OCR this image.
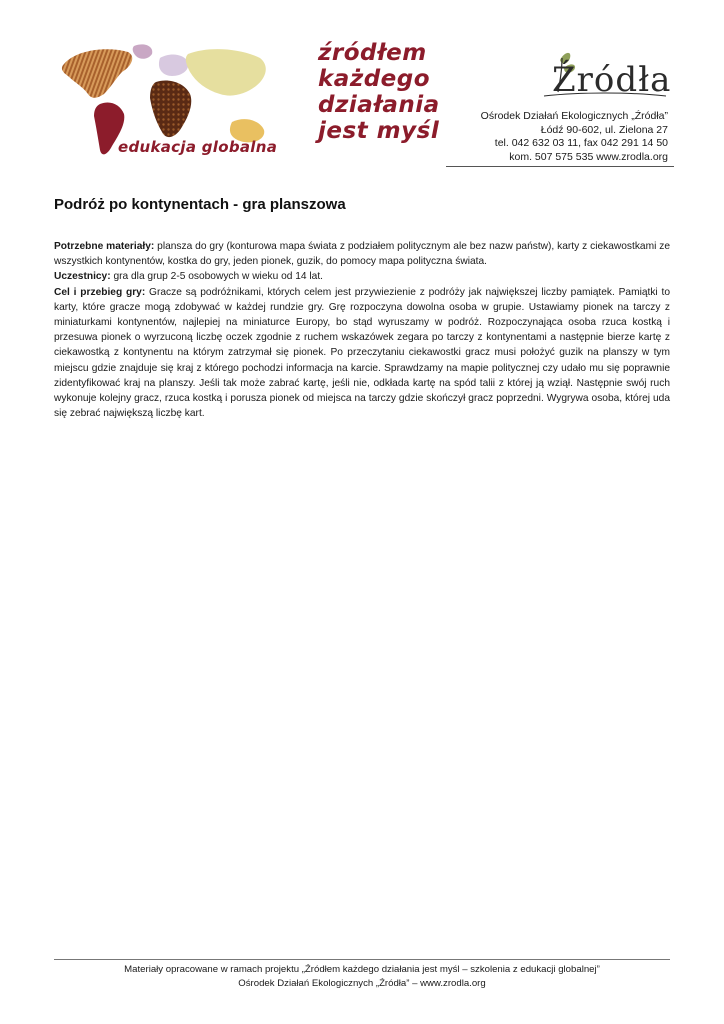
edukacja globalna
źródłem
każdego
działania
jest myśl
Źródła
Ośrodek Działań Ekologicznych „Źródła”
Łódź 90-602, ul. Zielona 27
tel. 042 632 03 11, fax 042 291 14 50
kom. 507 575 535 www.zrodla.org
Podróż po kontynentach - gra planszowa

Potrzebne materiały: plansza do gry (konturowa mapa świata z podziałem politycznym ale bez nazw państw), karty z ciekawostkami ze wszystkich kontynentów, kostka do gry, jeden pionek, guzik, do pomocy mapa polityczna świata.
Uczestnicy: gra dla grup 2-5 osobowych w wieku od 14 lat.
Cel i przebieg gry: Gracze są podróżnikami, których celem jest przywiezienie z podróży jak największej liczby pamiątek. Pamiątki to karty, które gracze mogą zdobywać w każdej rundzie gry. Grę rozpoczyna dowolna osoba w grupie. Ustawiamy pionek na tarczy z miniaturkami kontynentów, najlepiej na miniaturce Europy, bo stąd wyruszamy w podróż. Rozpoczynająca osoba rzuca kostką i przesuwa pionek o wyrzuconą liczbę oczek zgodnie z ruchem wskazówek zegara po tarczy z kontynentami a następnie bierze kartę z ciekawostką z kontynentu na którym zatrzymał się pionek. Po przeczytaniu ciekawostki gracz musi położyć guzik na planszy w tym miejscu gdzie znajduje się kraj z którego pochodzi informacja na karcie. Sprawdzamy na mapie politycznej czy udało mu się poprawnie zidentyfikować kraj na planszy. Jeśli tak może zabrać kartę, jeśli nie, odkłada kartę na spód talii z której ją wziął. Następnie swój ruch wykonuje kolejny gracz, rzuca kostką i porusza pionek od miejsca na tarczy gdzie skończył gracz poprzedni. Wygrywa osoba, której uda się zebrać największą liczbę kart.

Materiały opracowane w ramach projektu „Źródłem każdego działania jest myśl – szkolenia z edukacji globalnej”
Ośrodek Działań Ekologicznych „Źródła” – www.zrodla.org
